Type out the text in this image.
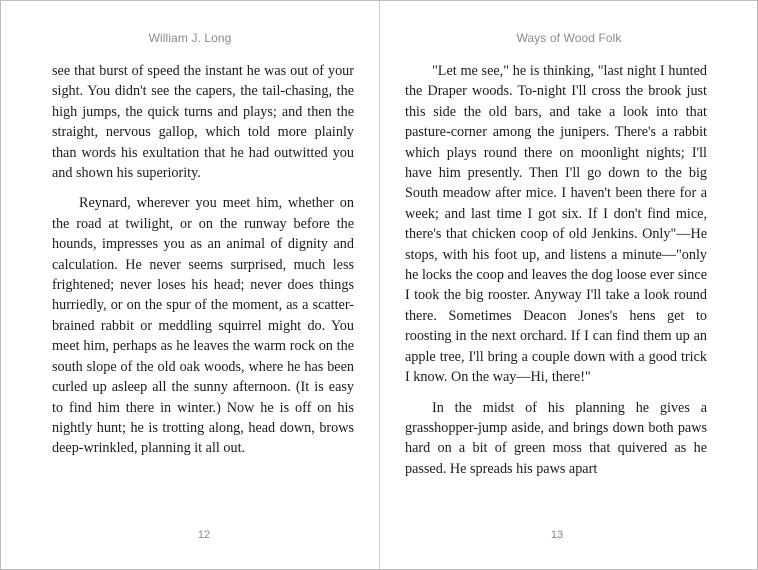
William J. Long

see that burst of speed the instant he was out of your sight. You didn't see the capers, the tail-chasing, the high jumps, the quick turns and plays; and then the straight, nervous gallop, which told more plainly than words his exultation that he had outwitted you and shown his superiority.

Reynard, wherever you meet him, whether on the road at twilight, or on the runway before the hounds, impresses you as an animal of dignity and calculation. He never seems surprised, much less frightened; never loses his head; never does things hurriedly, or on the spur of the moment, as a scatter-brained rabbit or meddling squirrel might do. You meet him, perhaps as he leaves the warm rock on the south slope of the old oak woods, where he has been curled up asleep all the sunny afternoon. (It is easy to find him there in winter.) Now he is off on his nightly hunt; he is trotting along, head down, brows deep-wrinkled, planning it all out.

12
Ways of Wood Folk

"Let me see," he is thinking, "last night I hunted the Draper woods. To-night I'll cross the brook just this side the old bars, and take a look into that pasture-corner among the junipers. There's a rabbit which plays round there on moonlight nights; I'll have him presently. Then I'll go down to the big South meadow after mice. I haven't been there for a week; and last time I got six. If I don't find mice, there's that chicken coop of old Jenkins. Only"—He stops, with his foot up, and listens a minute—"only he locks the coop and leaves the dog loose ever since I took the big rooster. Anyway I'll take a look round there. Sometimes Deacon Jones's hens get to roosting in the next orchard. If I can find them up an apple tree, I'll bring a couple down with a good trick I know. On the way—Hi, there!"

In the midst of his planning he gives a grasshopper-jump aside, and brings down both paws hard on a bit of green moss that quivered as he passed. He spreads his paws apart

13
